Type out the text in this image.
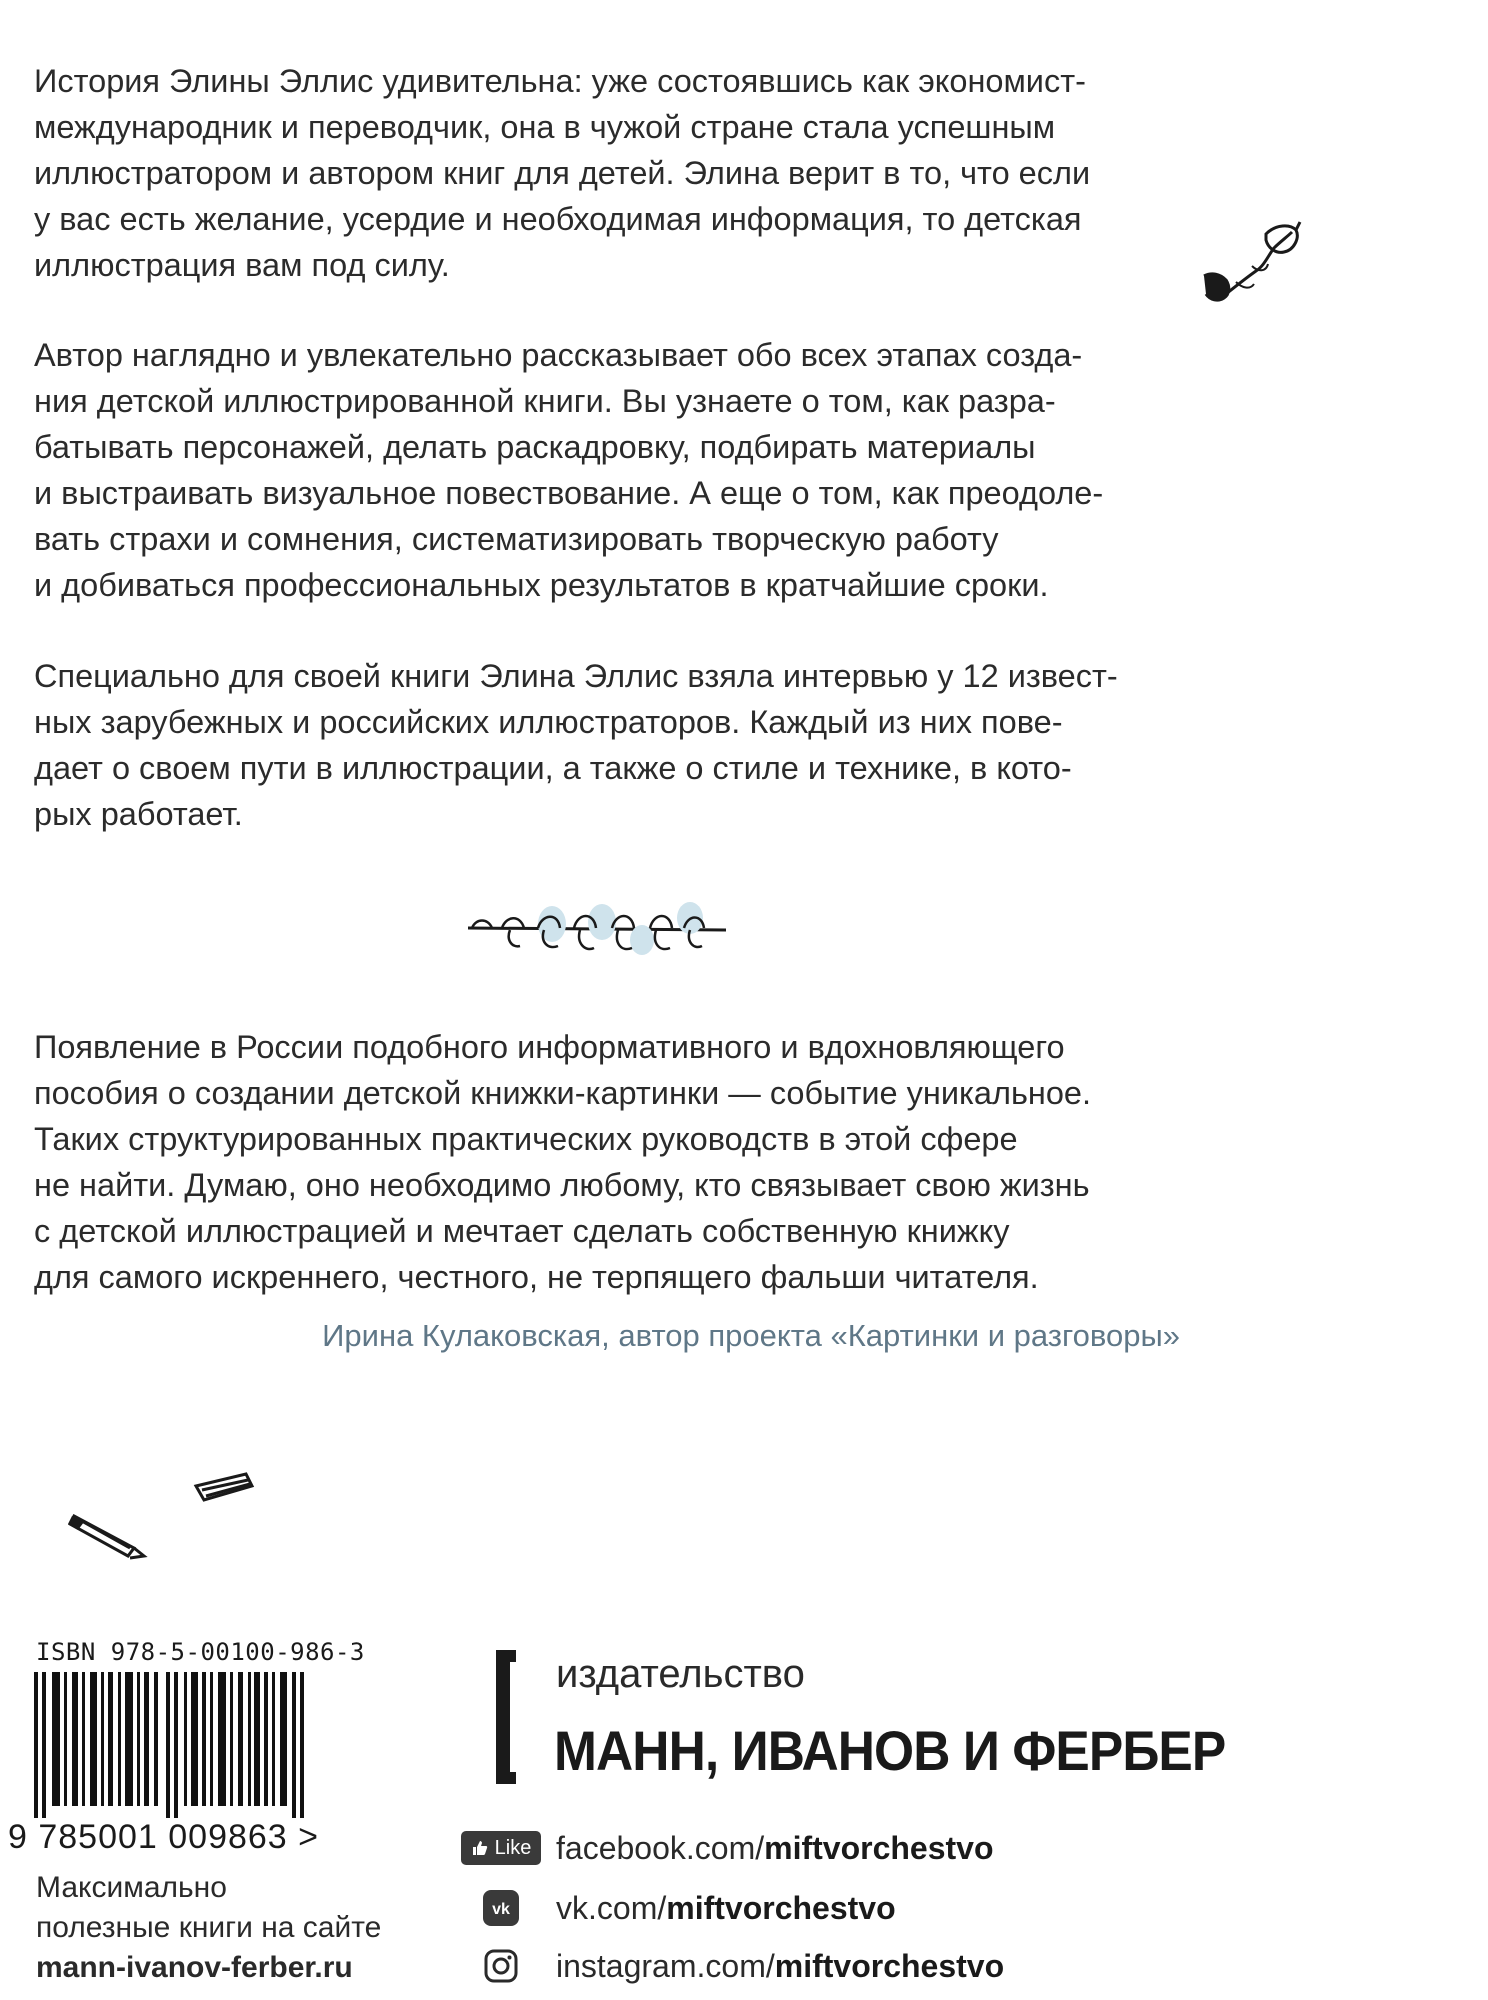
История Элины Эллис удивительна: уже состоявшись как экономист-
международник и переводчик, она в чужой стране стала успешным
иллюстратором и автором книг для детей. Элина верит в то, что если
у вас есть желание, усердие и необходимая информация, то детская
иллюстрация вам под силу.
Автор наглядно и увлекательно рассказывает обо всех этапах созда-
ния детской иллюстрированной книги. Вы узнаете о том, как разра-
батывать персонажей, делать раскадровку, подбирать материалы
и выстраивать визуальное повествование. А еще о том, как преодоле-
вать страхи и сомнения, систематизировать творческую работу
и добиваться профессиональных результатов в кратчайшие сроки.
Специально для своей книги Элина Эллис взяла интервью у 12 извест-
ных зарубежных и российских иллюстраторов. Каждый из них пове-
дает о своем пути в иллюстрации, а также о стиле и технике, в кото-
рых работает.
Появление в России подобного информативного и вдохновляющего
пособия о создании детской книжки-картинки — событие уникальное.
Таких структурированных практических руководств в этой сфере
не найти. Думаю, оно необходимо любому, кто связывает свою жизнь
с детской иллюстрацией и мечтает сделать собственную книжку
для самого искреннего, честного, не терпящего фальши читателя.
Ирина Кулаковская, автор проекта «Картинки и разговоры»
ISBN 978-5-00100-986-3
9 785001 009863 >
Максимально
полезные книги на сайте
mann-ivanov-ferber.ru
издательство
МАНН, ИВАНОВ И ФЕРБЕР
Like facebook.com/miftvorchestvo
vk vk.com/miftvorchestvo
instagram.com/miftvorchestvo
